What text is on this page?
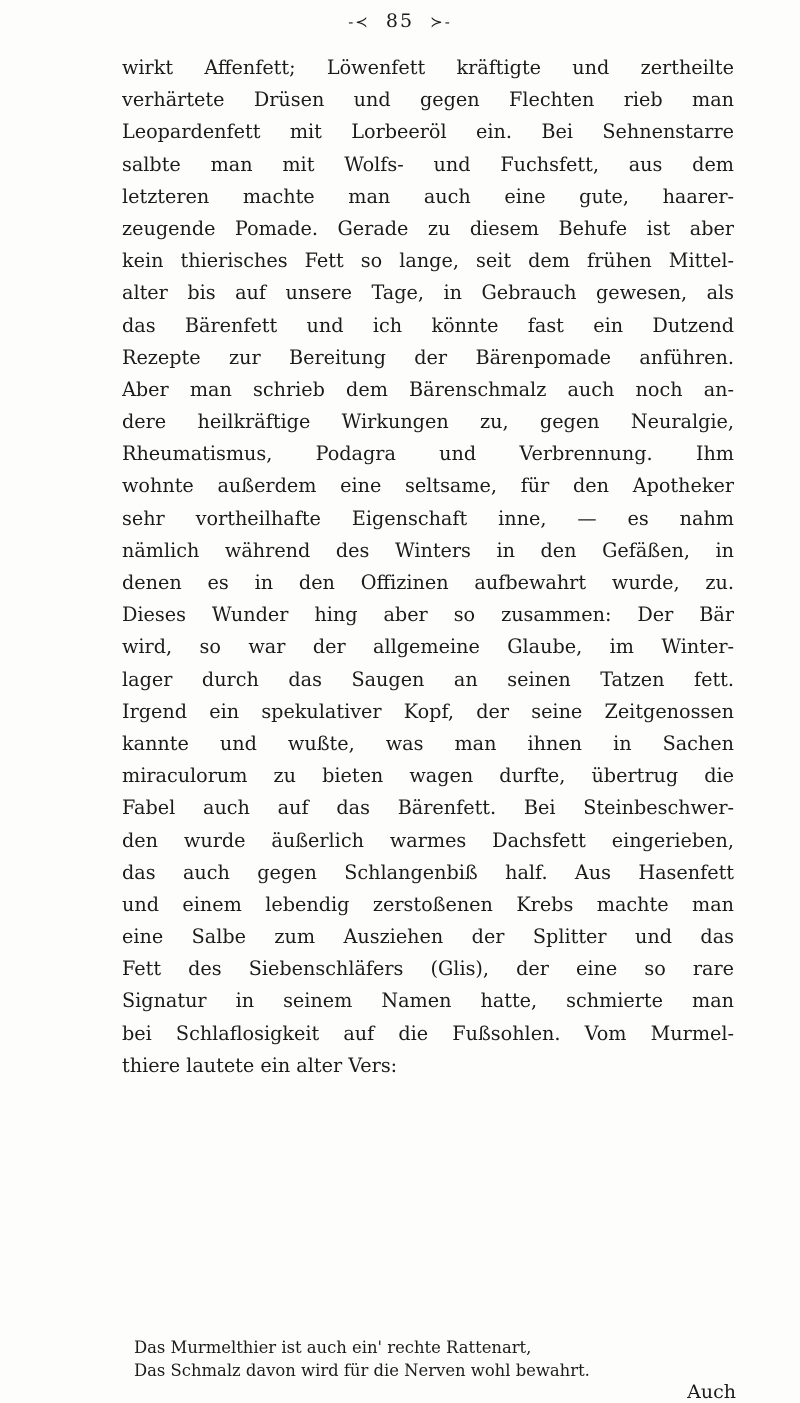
-≺ 85 ≻-
wirkt Affenfett; Löwenfett kräftigte und zertheilte
verhärtete Drüsen und gegen Flechten rieb man
Leopardenfett mit Lorbeeröl ein. Bei Sehnenstarre
salbte man mit Wolfs- und Fuchsfett, aus dem
letzteren machte man auch eine gute, haarer-
zeugende Pomade. Gerade zu diesem Behufe ist aber
kein thierisches Fett so lange, seit dem frühen Mittel-
alter bis auf unsere Tage, in Gebrauch gewesen, als
das Bärenfett und ich könnte fast ein Dutzend
Rezepte zur Bereitung der Bärenpomade anführen.
Aber man schrieb dem Bärenschmalz auch noch an-
dere heilkräftige Wirkungen zu, gegen Neuralgie,
Rheumatismus, Podagra und Verbrennung. Ihm
wohnte außerdem eine seltsame, für den Apotheker
sehr vortheilhafte Eigenschaft inne, — es nahm
nämlich während des Winters in den Gefäßen, in
denen es in den Offizinen aufbewahrt wurde, zu.
Dieses Wunder hing aber so zusammen: Der Bär
wird, so war der allgemeine Glaube, im Winter-
lager durch das Saugen an seinen Tatzen fett.
Irgend ein spekulativer Kopf, der seine Zeitgenossen
kannte und wußte, was man ihnen in Sachen
miraculorum zu bieten wagen durfte, übertrug die
Fabel auch auf das Bärenfett. Bei Steinbeschwer-
den wurde äußerlich warmes Dachsfett eingerieben,
das auch gegen Schlangenbiß half. Aus Hasenfett
und einem lebendig zerstoßenen Krebs machte man
eine Salbe zum Ausziehen der Splitter und das
Fett des Siebenschläfers (Glis), der eine so rare
Signatur in seinem Namen hatte, schmierte man
bei Schlaflosigkeit auf die Fußsohlen. Vom Murmel-
thiere lautete ein alter Vers:
Das Murmelthier ist auch ein' rechte Rattenart,
Das Schmalz davon wird für die Nerven wohl bewahrt.
Auch
